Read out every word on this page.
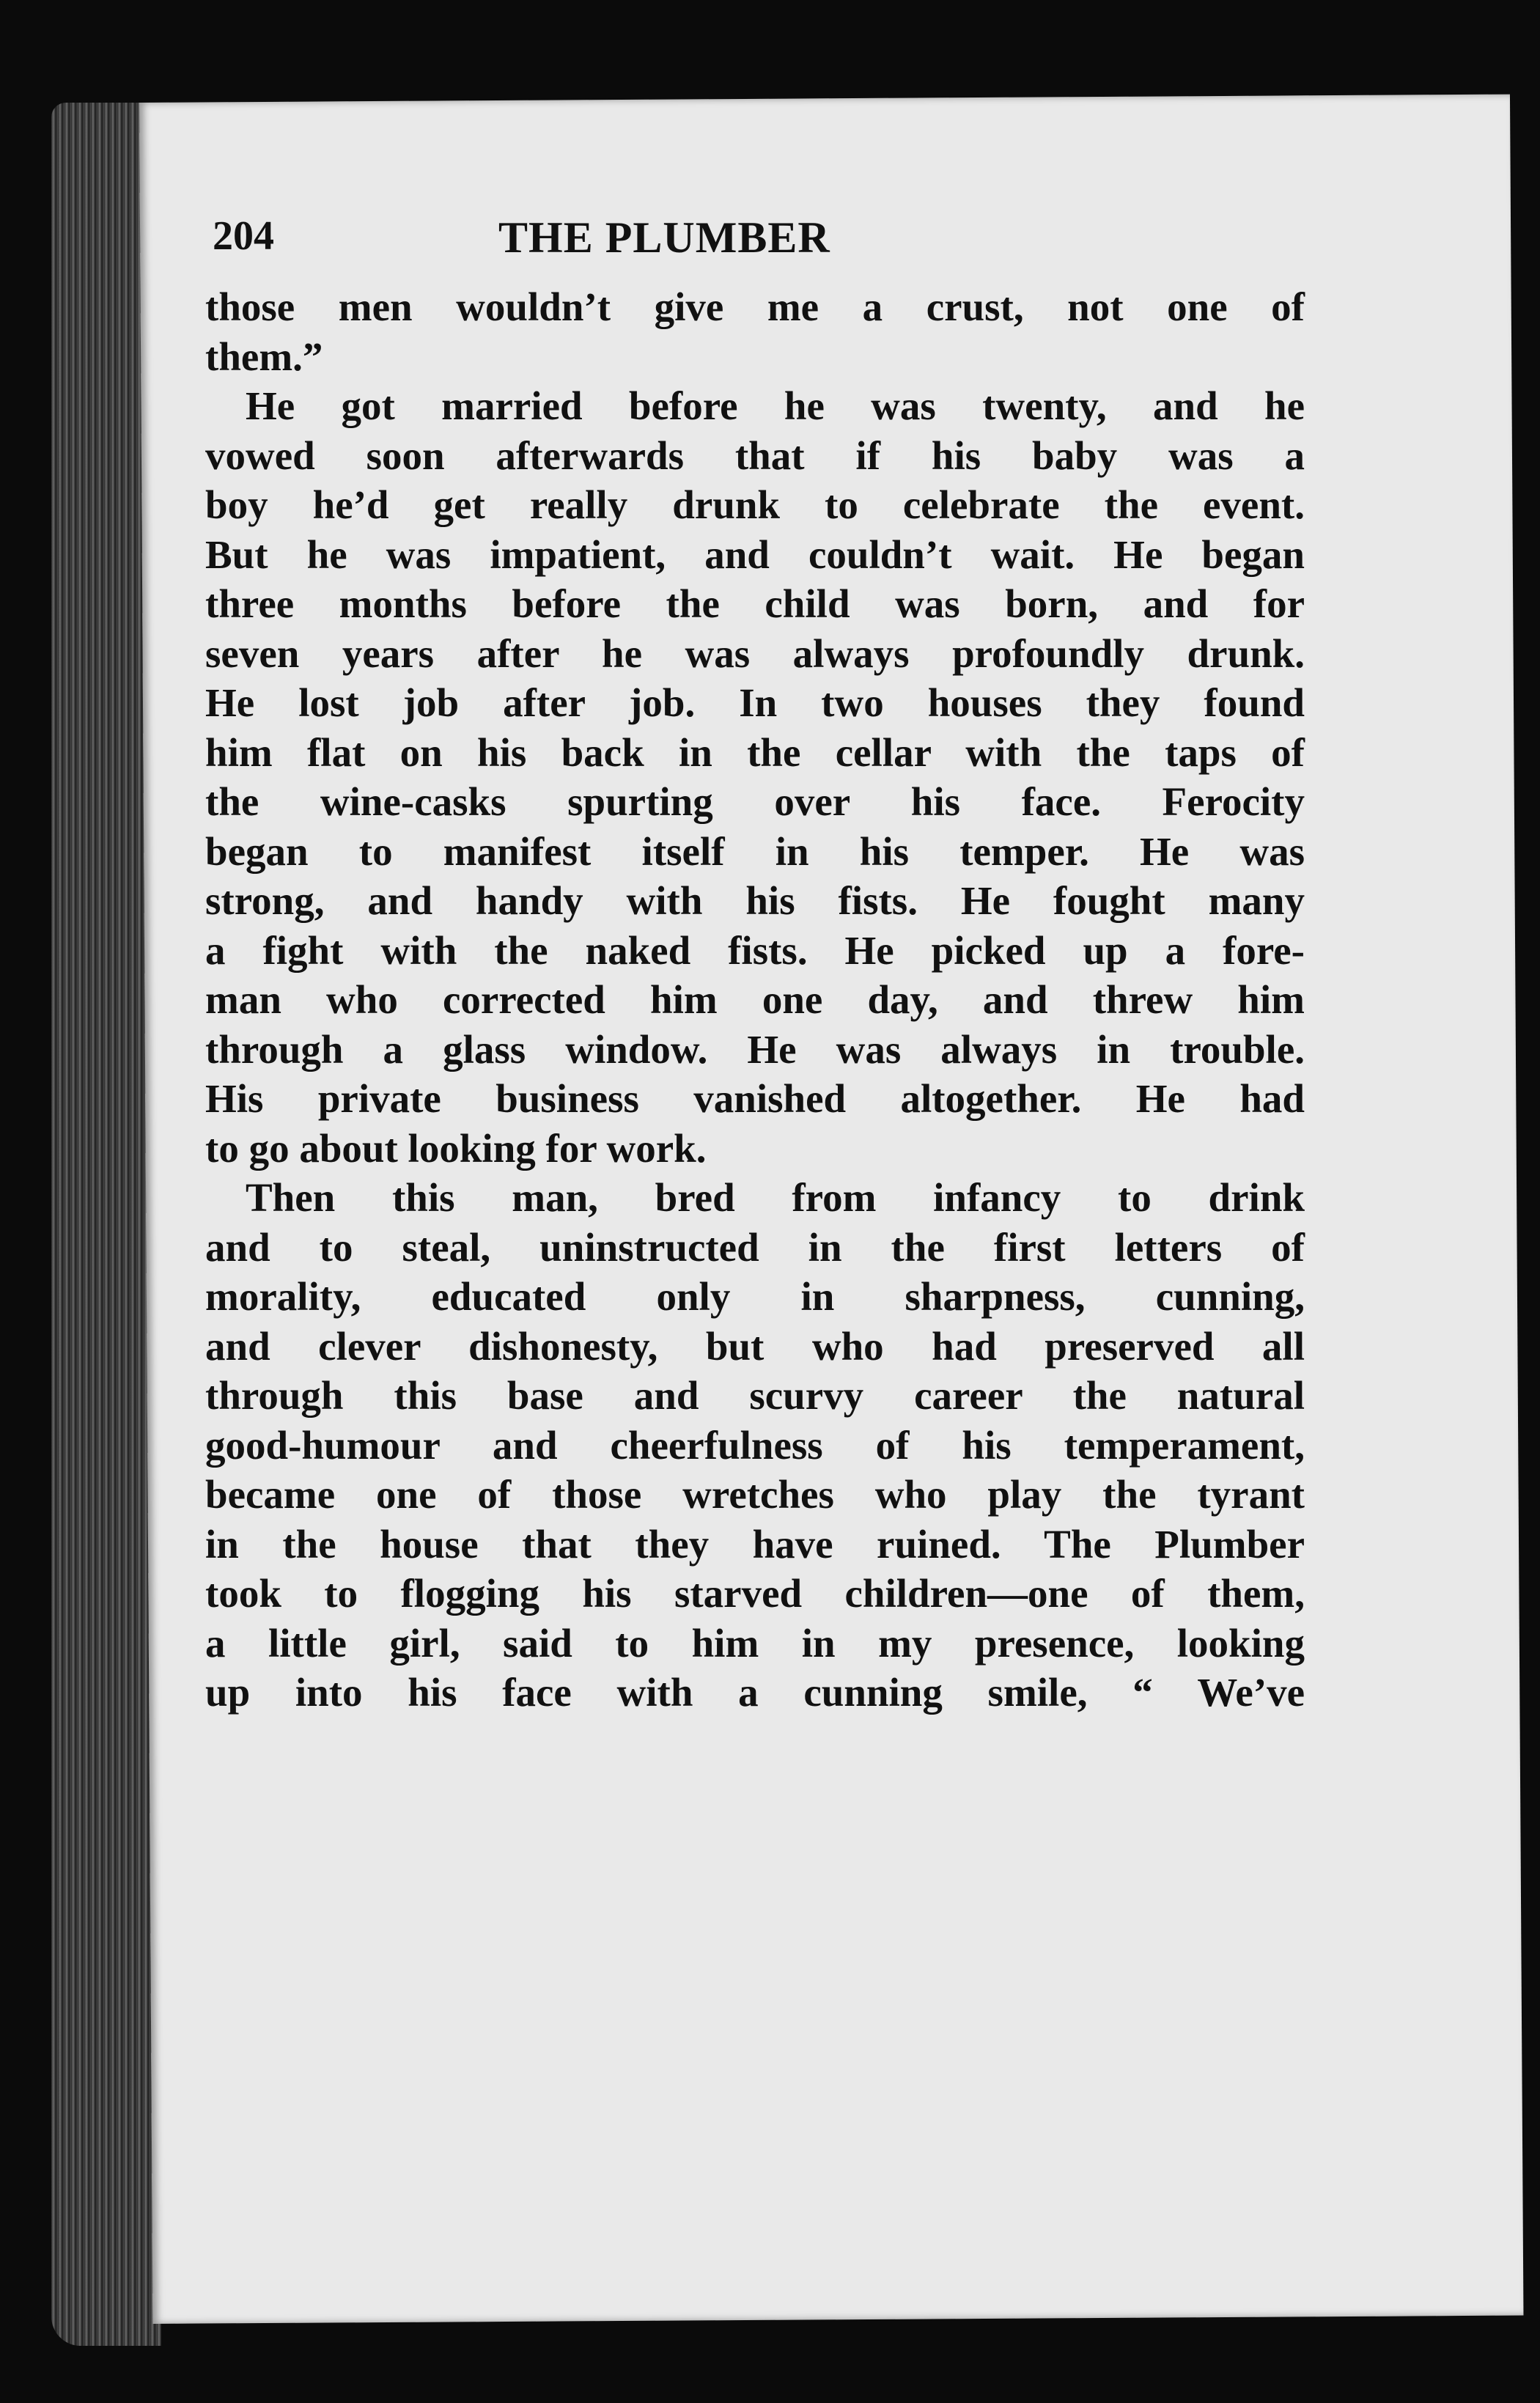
204	THE PLUMBER
those men wouldn’t give me a crust, not one of
them.”
He got married before he was twenty, and he
vowed soon afterwards that if his baby was a
boy he’d get really drunk to celebrate the event.
But he was impatient, and couldn’t wait. He began
three months before the child was born, and for
seven years after he was always profoundly drunk.
He lost job after job. In two houses they found
him flat on his back in the cellar with the taps of
the wine-casks spurting over his face. Ferocity
began to manifest itself in his temper. He was
strong, and handy with his fists. He fought many
a fight with the naked fists. He picked up a fore-
man who corrected him one day, and threw him
through a glass window. He was always in trouble.
His private business vanished altogether. He had
to go about looking for work.
Then this man, bred from infancy to drink
and to steal, uninstructed in the first letters of
morality, educated only in sharpness, cunning,
and clever dishonesty, but who had preserved all
through this base and scurvy career the natural
good-humour and cheerfulness of his temperament,
became one of those wretches who play the tyrant
in the house that they have ruined. The Plumber
took to flogging his starved children—one of them,
a little girl, said to him in my presence, looking
up into his face with a cunning smile, “ We’ve
